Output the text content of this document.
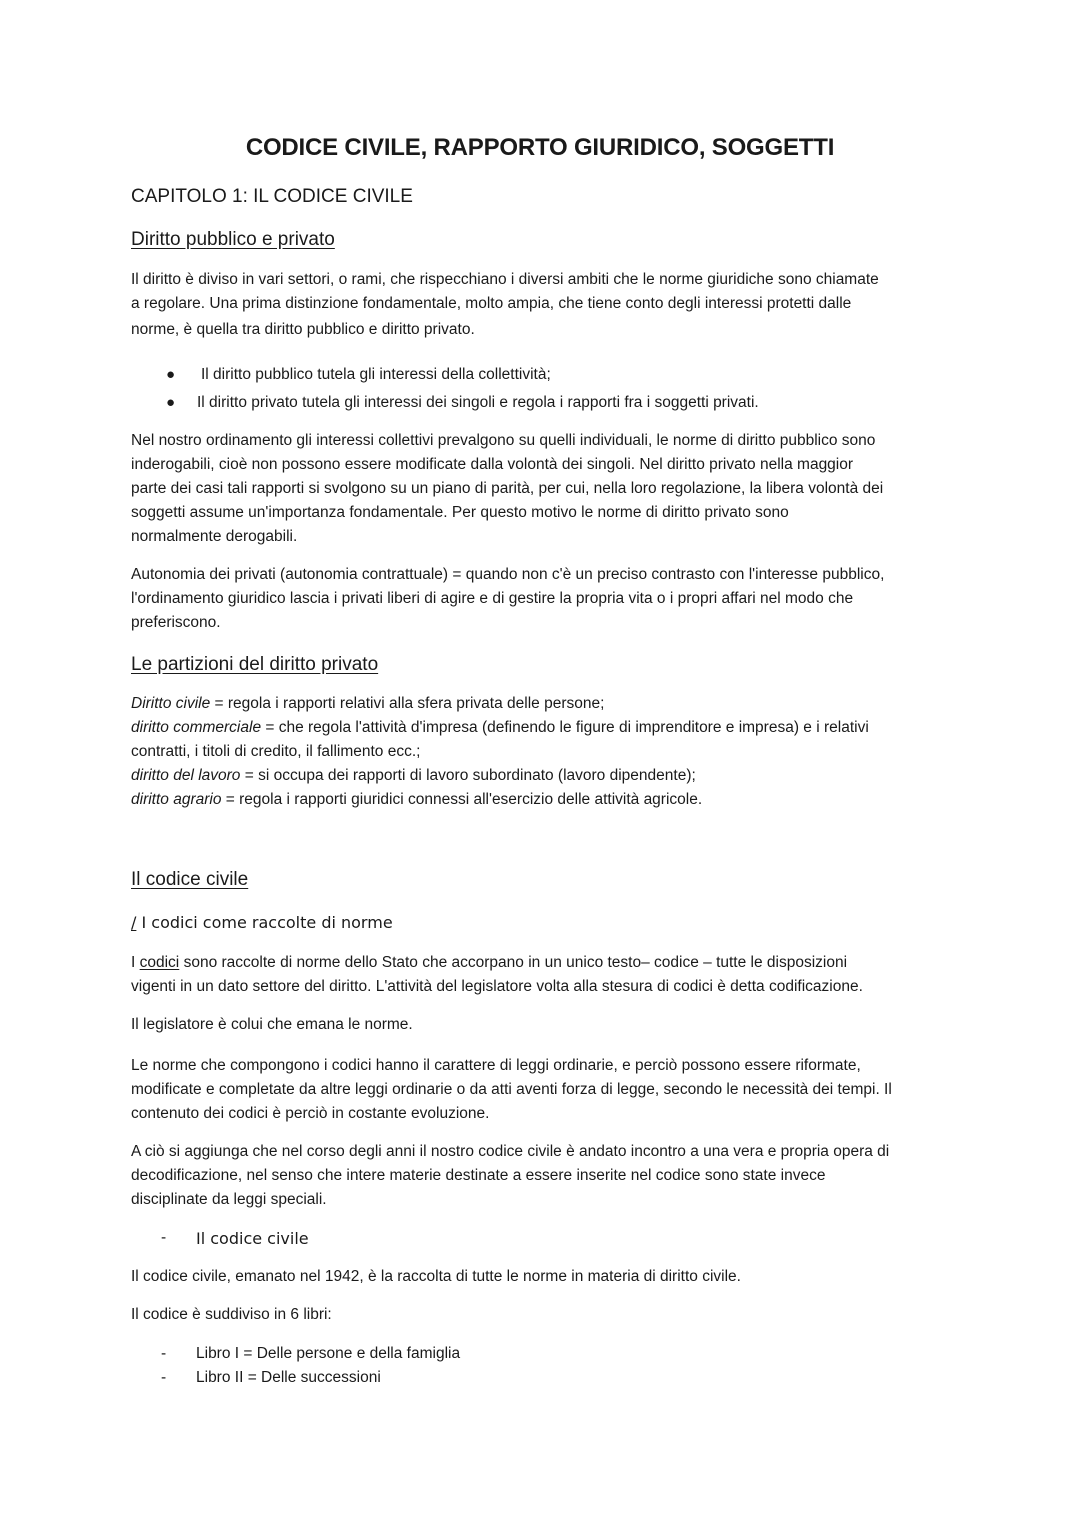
CODICE CIVILE, RAPPORTO GIURIDICO, SOGGETTI
CAPITOLO 1: IL CODICE CIVILE
Diritto pubblico e privato
Il diritto è diviso in vari settori, o rami, che rispecchiano i diversi ambiti che le norme giuridiche sono chiamate
a regolare. Una prima distinzione fondamentale, molto ampia, che tiene conto degli interessi protetti dalle
norme, è quella tra diritto pubblico e diritto privato.
● Il diritto pubblico tutela gli interessi della collettività;
● Il diritto privato tutela gli interessi dei singoli e regola i rapporti fra i soggetti privati.
Nel nostro ordinamento gli interessi collettivi prevalgono su quelli individuali, le norme di diritto pubblico sono
inderogabili, cioè non possono essere modificate dalla volontà dei singoli. Nel diritto privato nella maggior
parte dei casi tali rapporti si svolgono su un piano di parità, per cui, nella loro regolazione, la libera volontà dei
soggetti assume un'importanza fondamentale. Per questo motivo le norme di diritto privato sono
normalmente derogabili.
Autonomia dei privati (autonomia contrattuale) = quando non c'è un preciso contrasto con l'interesse pubblico,
l'ordinamento giuridico lascia i privati liberi di agire e di gestire la propria vita o i propri affari nel modo che
preferiscono.
Le partizioni del diritto privato
Diritto civile = regola i rapporti relativi alla sfera privata delle persone;
diritto commerciale = che regola l'attività d'impresa (definendo le figure di imprenditore e impresa) e i relativi
contratti, i titoli di credito, il fallimento ecc.;
diritto del lavoro = si occupa dei rapporti di lavoro subordinato (lavoro dipendente);
diritto agrario = regola i rapporti giuridici connessi all'esercizio delle attività agricole.
Il codice civile
/ I codici come raccolte di norme
I codici sono raccolte di norme dello Stato che accorpano in un unico testo– codice – tutte le disposizioni
vigenti in un dato settore del diritto. L'attività del legislatore volta alla stesura di codici è detta codificazione.
Il legislatore è colui che emana le norme.
Le norme che compongono i codici hanno il carattere di leggi ordinarie, e perciò possono essere riformate,
modificate e completate da altre leggi ordinarie o da atti aventi forza di legge, secondo le necessità dei tempi. Il
contenuto dei codici è perciò in costante evoluzione.
A ciò si aggiunga che nel corso degli anni il nostro codice civile è andato incontro a una vera e propria opera di
decodificazione, nel senso che intere materie destinate a essere inserite nel codice sono state invece
disciplinate da leggi speciali.
- Il codice civile
Il codice civile, emanato nel 1942, è la raccolta di tutte le norme in materia di diritto civile.
Il codice è suddiviso in 6 libri:
- Libro I = Delle persone e della famiglia
- Libro II = Delle successioni
